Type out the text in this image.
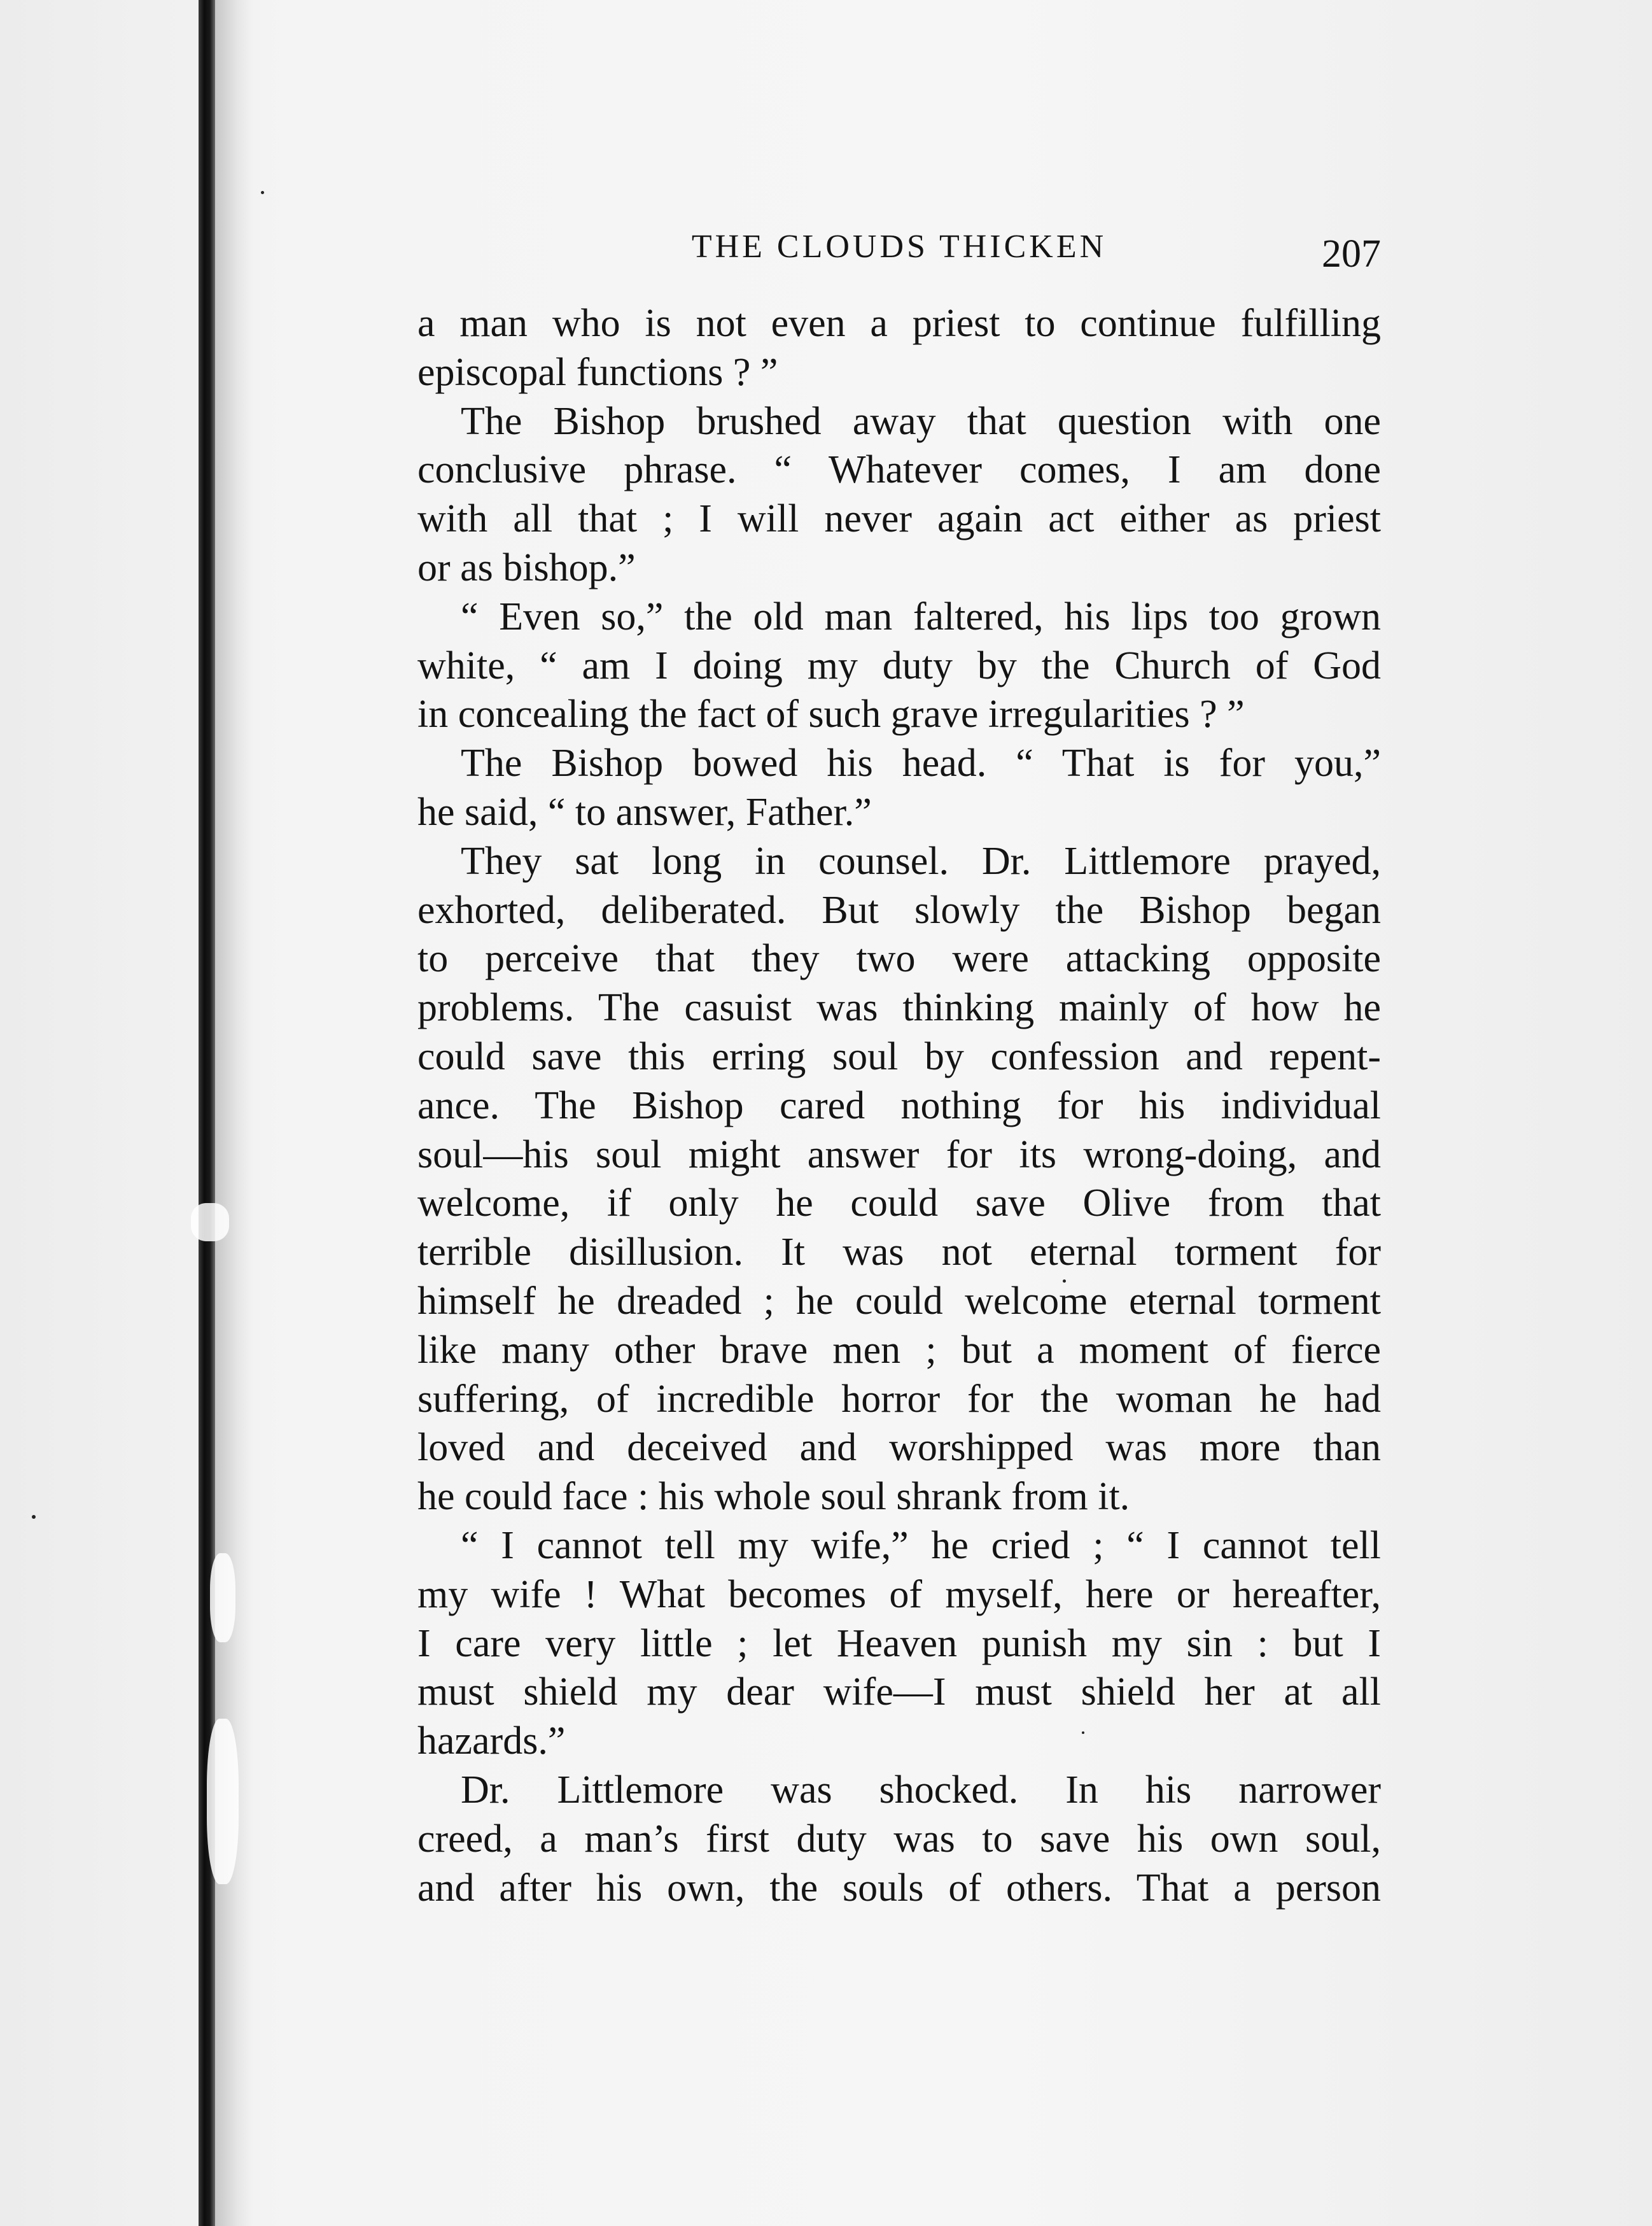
THE CLOUDS THICKEN	207
a man who is not even a priest to continue fulfilling
episcopal functions ? ”
The Bishop brushed away that question with one
conclusive phrase. “ Whatever comes, I am done
with all that ; I will never again act either as priest
or as bishop.”
“ Even so,” the old man faltered, his lips too grown
white, “ am I doing my duty by the Church of God
in concealing the fact of such grave irregularities ? ”
The Bishop bowed his head. “ That is for you,”
he said, “ to answer, Father.”
They sat long in counsel. Dr. Littlemore prayed,
exhorted, deliberated. But slowly the Bishop began
to perceive that they two were attacking opposite
problems. The casuist was thinking mainly of how he
could save this erring soul by confession and repent-
ance. The Bishop cared nothing for his individual
soul—his soul might answer for its wrong-doing, and
welcome, if only he could save Olive from that
terrible disillusion. It was not eternal torment for
himself he dreaded ; he could welcome eternal torment
like many other brave men ; but a moment of fierce
suffering, of incredible horror for the woman he had
loved and deceived and worshipped was more than
he could face : his whole soul shrank from it.
“ I cannot tell my wife,” he cried ; “ I cannot tell
my wife ! What becomes of myself, here or hereafter,
I care very little ; let Heaven punish my sin : but I
must shield my dear wife—I must shield her at all
hazards.”
Dr. Littlemore was shocked. In his narrower
creed, a man’s first duty was to save his own soul,
and after his own, the souls of others. That a person
